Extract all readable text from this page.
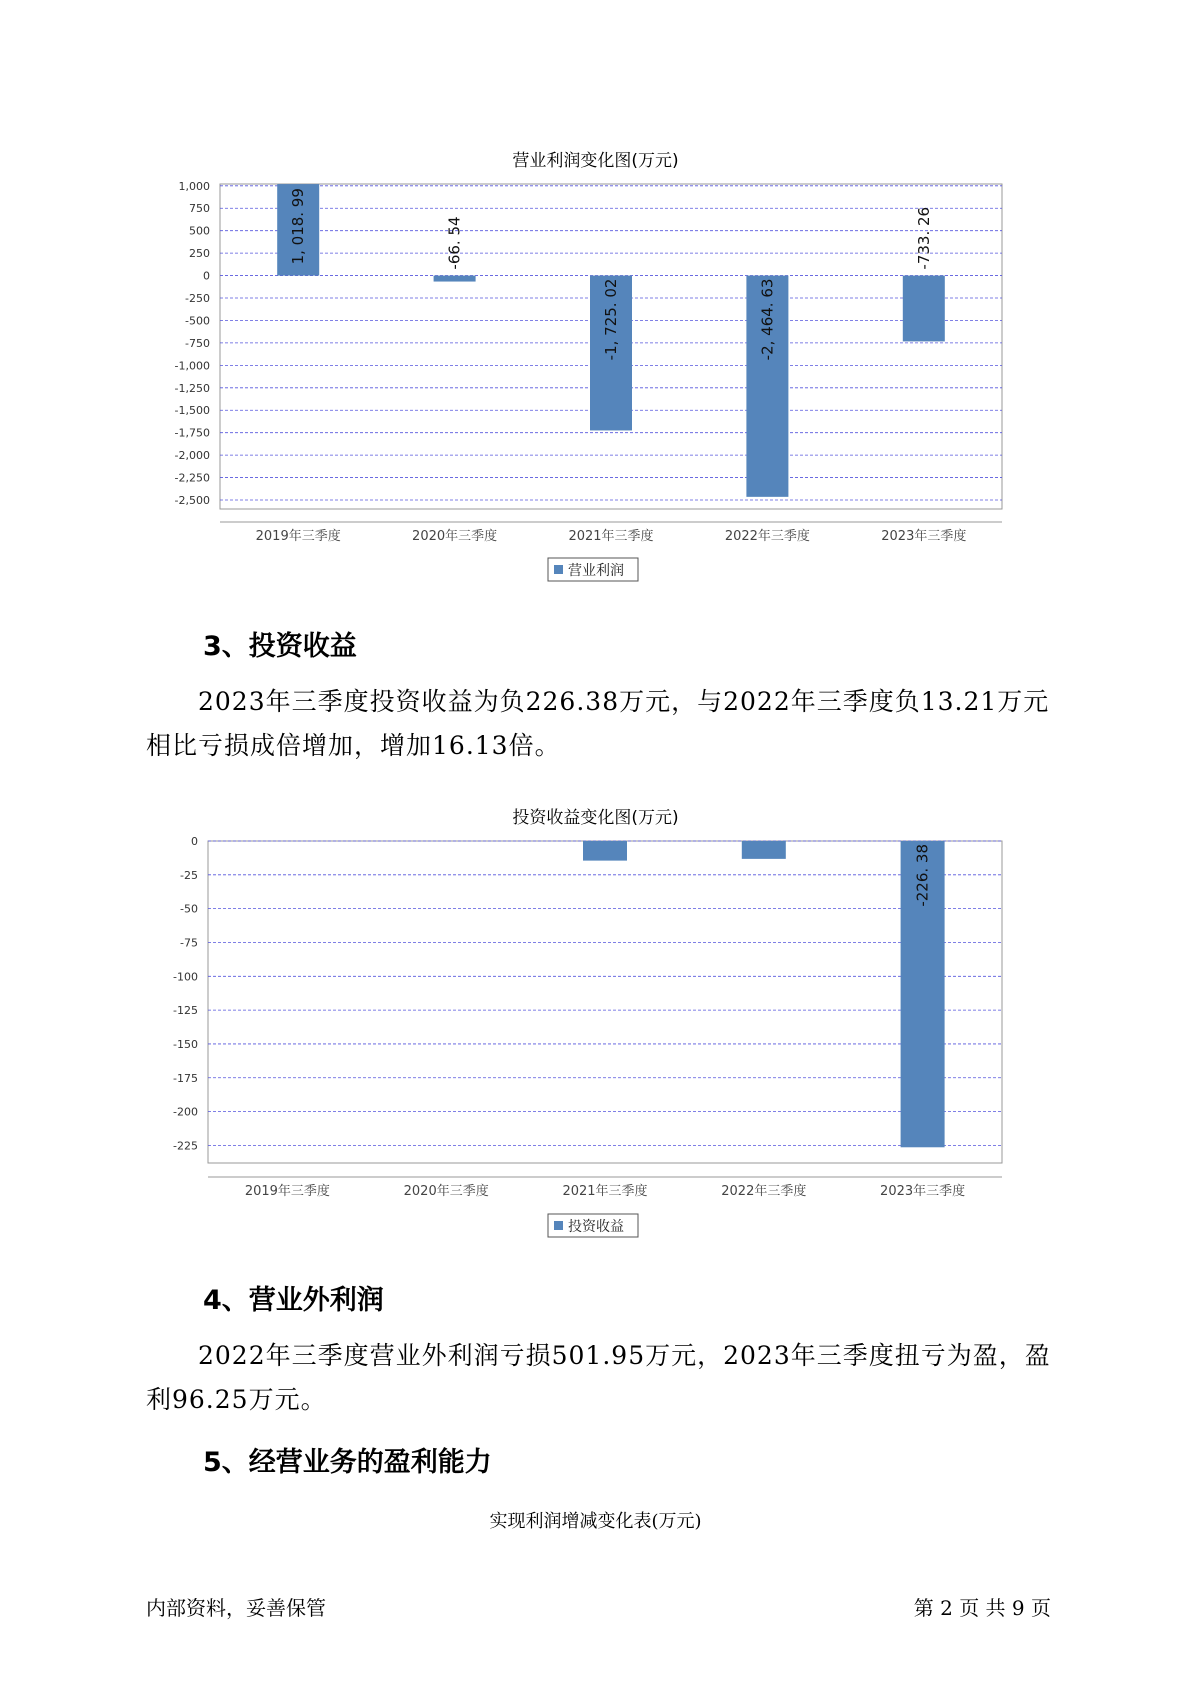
营业利润变化图(万元)
1,000
750
500
250
0
-250
-500
-750
-1,000
-1,250
-1,500
-1,750
-2,000
-2,250
-2,500
2019年三季度
1, 018. 99
2020年三季度
-66. 54
2021年三季度
-1, 725. 02
2022年三季度
-2, 464. 63
2023年三季度
-733. 26
营业利润
3、投资收益
2023年三季度投资收益为负226.38万元，与2022年三季度负13.21万元相比亏损成倍增加，增加16.13倍。
投资收益变化图(万元)
0
-25
-50
-75
-100
-125
-150
-175
-200
-225
2019年三季度	2020年三季度	2021年三季度	2022年三季度	2023年三季度
-226. 38
投资收益
4、营业外利润
2022年三季度营业外利润亏损501.95万元，2023年三季度扭亏为盈，盈利96.25万元。
5、经营业务的盈利能力
实现利润增减变化表(万元)
内部资料，妥善保管	第 2 页 共 9 页
